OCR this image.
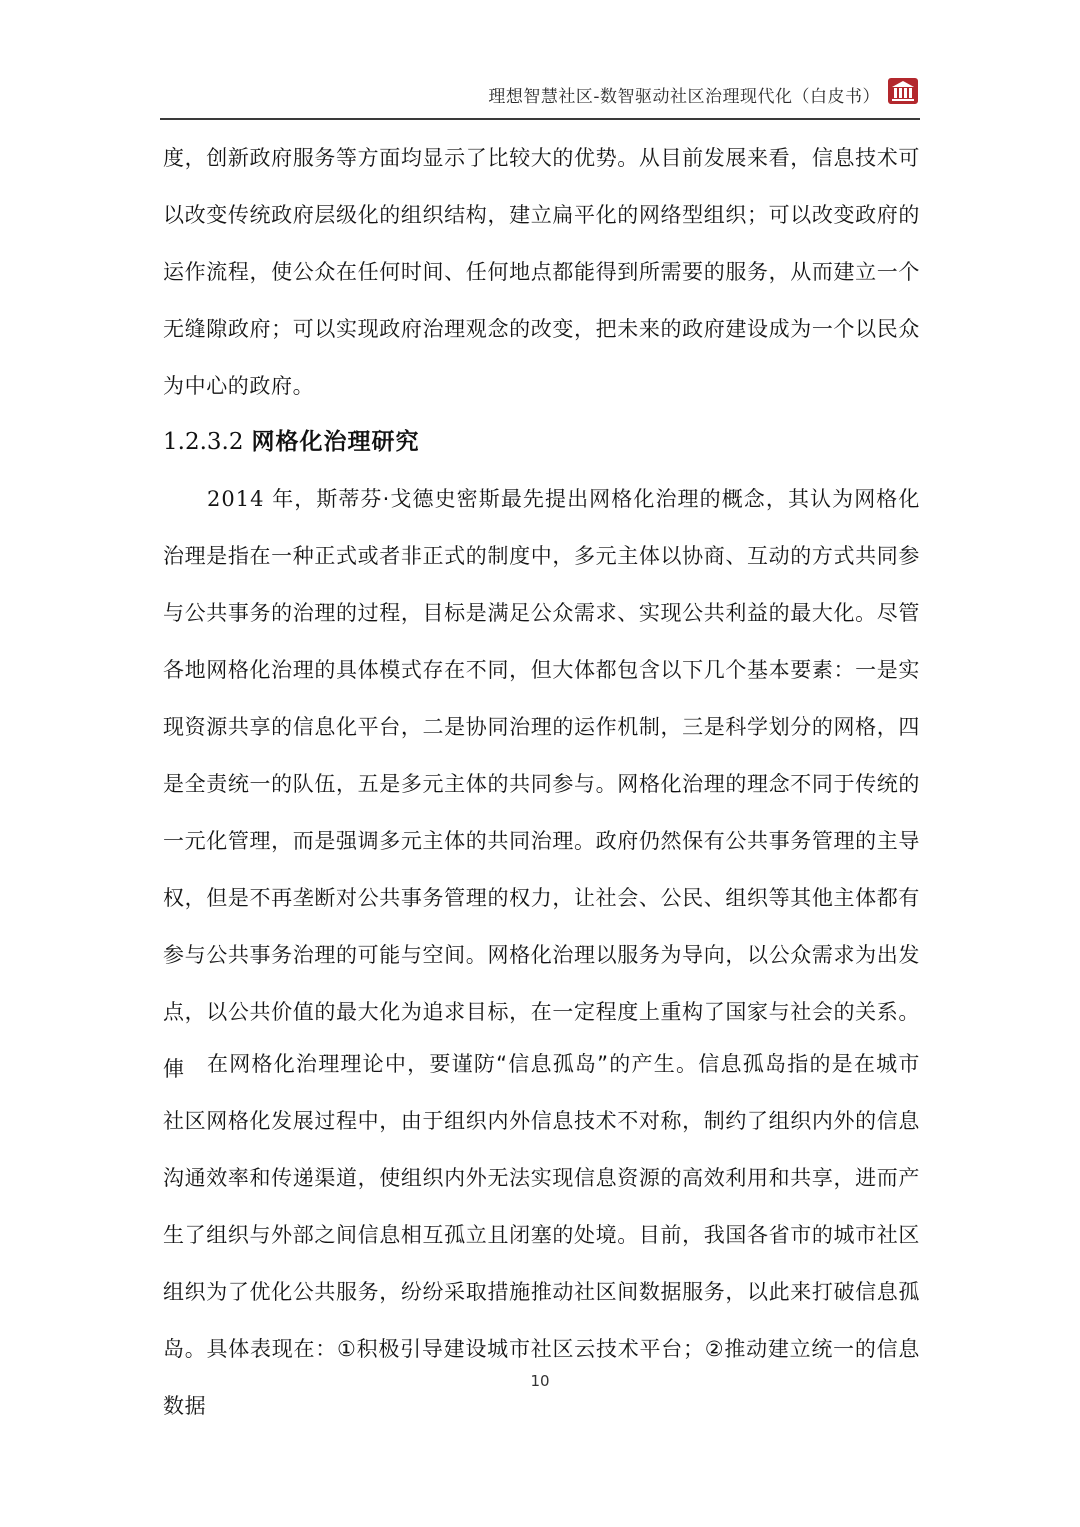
理想智慧社区-数智驱动社区治理现代化（白皮书）
度，创新政府服务等方面均显示了比较大的优势。从目前发展来看，信息技术可以改变传统政府层级化的组织结构，建立扁平化的网络型组织；可以改变政府的运作流程，使公众在任何时间、任何地点都能得到所需要的服务，从而建立一个无缝隙政府；可以实现政府治理观念的改变，把未来的政府建设成为一个以民众为中心的政府。
1.2.3.2 网格化治理研究
2014 年，斯蒂芬·戈德史密斯最先提出网格化治理的概念，其认为网格化治理是指在一种正式或者非正式的制度中，多元主体以协商、互动的方式共同参与公共事务的治理的过程，目标是满足公众需求、实现公共利益的最大化。尽管各地网格化治理的具体模式存在不同，但大体都包含以下几个基本要素：一是实现资源共享的信息化平台，二是协同治理的运作机制，三是科学划分的网格，四是全责统一的队伍，五是多元主体的共同参与。网格化治理的理念不同于传统的一元化管理，而是强调多元主体的共同治理。政府仍然保有公共事务管理的主导权，但是不再垄断对公共事务管理的权力，让社会、公民、组织等其他主体都有参与公共事务治理的可能与空间。网格化治理以服务为导向，以公众需求为出发点，以公共价值的最大化为追求目标，在一定程度上重构了国家与社会的关系。俥	在网格化治理理论中，要谨防“信息孤岛”的产生。信息孤岛指的是在城市社区网格化发展过程中，由于组织内外信息技术不对称，制约了组织内外的信息沟通效率和传递渠道，使组织内外无法实现信息资源的高效利用和共享，进而产生了组织与外部之间信息相互孤立且闭塞的处境。目前，我国各省市的城市社区组织为了优化公共服务，纷纷采取措施推动社区间数据服务，以此来打破信息孤岛。具体表现在：①积极引导建设城市社区云技术平台；②推动建立统一的信息数据
10
